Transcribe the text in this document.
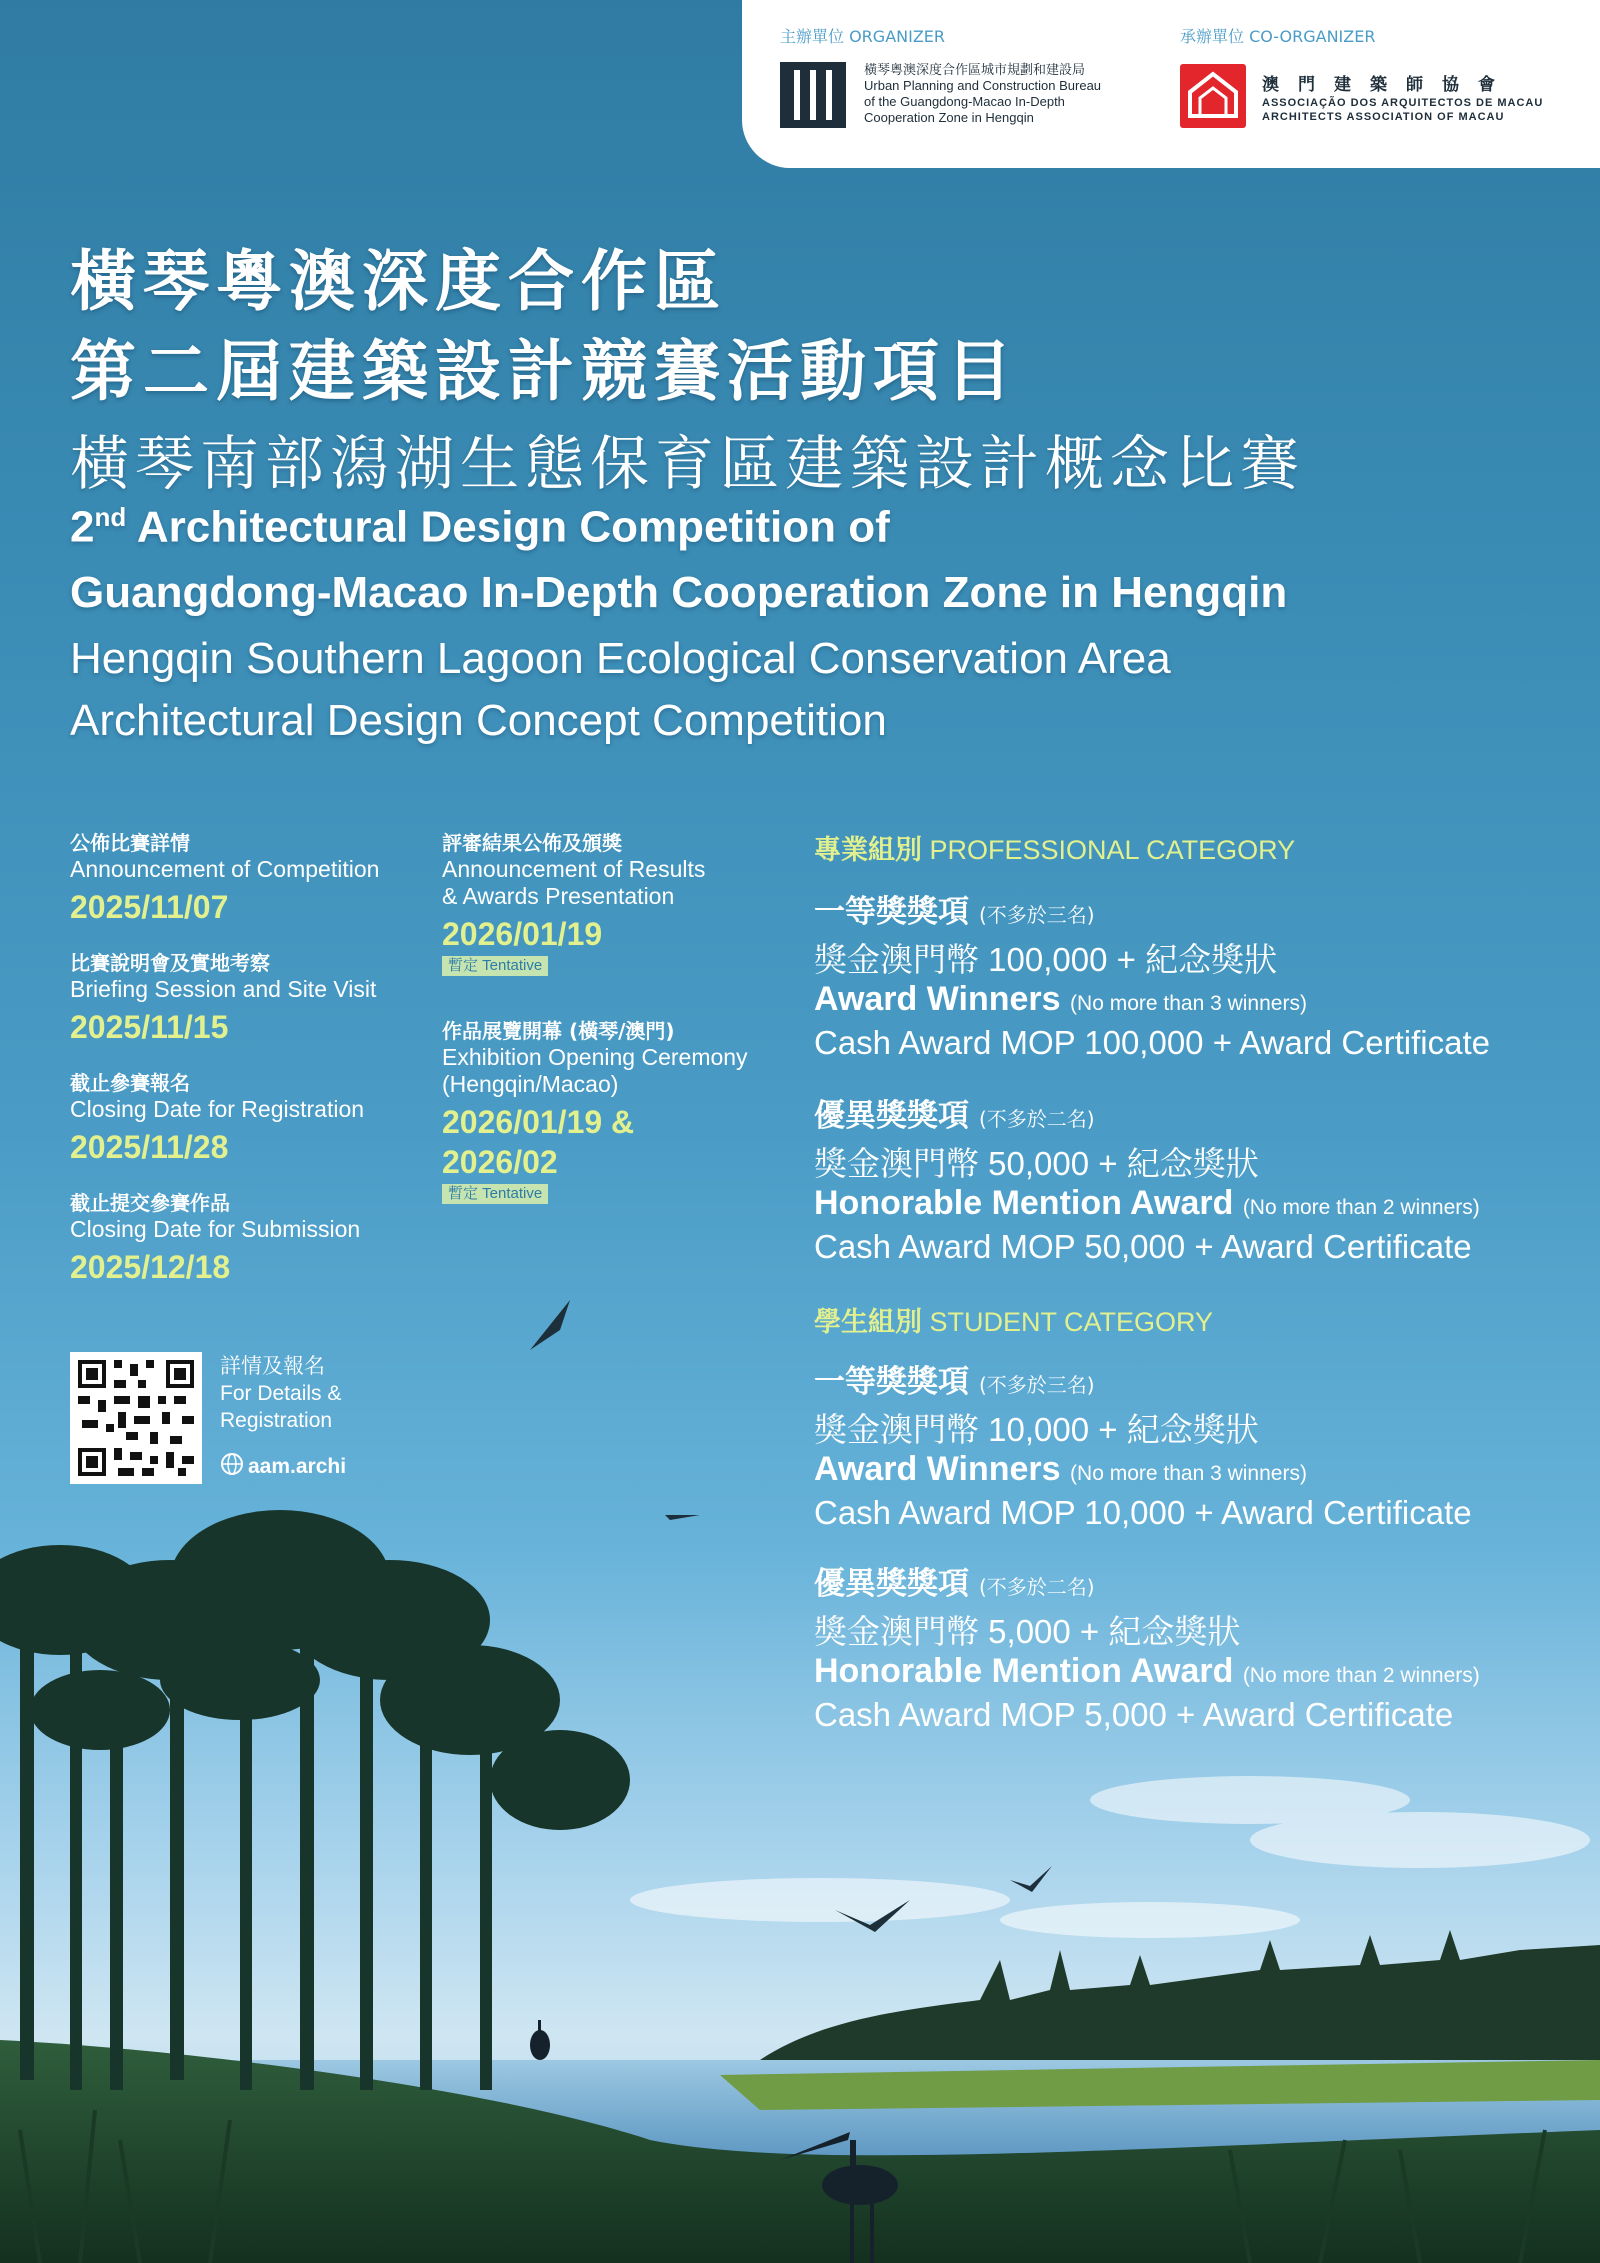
主辦單位 ORGANIZER
橫琴粵澳深度合作區城市規劃和建設局
Urban Planning and Construction Bureau
of the Guangdong-Macao In-Depth
Cooperation Zone in Hengqin
承辦單位 CO-ORGANIZER
澳門建築師協會
ASSOCIAÇÃO DOS ARQUITECTOS DE MACAU
ARCHITECTS ASSOCIATION OF MACAU
橫琴粵澳深度合作區
第二屆建築設計競賽活動項目
橫琴南部潟湖生態保育區建築設計概念比賽
2nd Architectural Design Competition of
Guangdong-Macao In-Depth Cooperation Zone in Hengqin
Hengqin Southern Lagoon Ecological Conservation Area
Architectural Design Concept Competition
公佈比賽詳情
Announcement of Competition
2025/11/07
比賽說明會及實地考察
Briefing Session and Site Visit
2025/11/15
截止參賽報名
Closing Date for Registration
2025/11/28
截止提交參賽作品
Closing Date for Submission
2025/12/18
評審結果公佈及頒獎
Announcement of Results
& Awards Presentation
2026/01/19
暫定 Tentative
作品展覽開幕 (橫琴/澳門)
Exhibition Opening Ceremony
(Hengqin/Macao)
2026/01/19 &
2026/02
暫定 Tentative
專業組別 PROFESSIONAL CATEGORY
一等獎獎項 (不多於三名)
獎金澳門幣 100,000 + 紀念獎狀
Award Winners (No more than 3 winners)
Cash Award MOP 100,000 + Award Certificate
優異獎獎項 (不多於二名)
獎金澳門幣 50,000 + 紀念獎狀
Honorable Mention Award (No more than 2 winners)
Cash Award MOP 50,000 + Award Certificate
學生組別 STUDENT CATEGORY
一等獎獎項 (不多於三名)
獎金澳門幣 10,000 + 紀念獎狀
Award Winners (No more than 3 winners)
Cash Award MOP 10,000 + Award Certificate
優異獎獎項 (不多於二名)
獎金澳門幣 5,000 + 紀念獎狀
Honorable Mention Award (No more than 2 winners)
Cash Award MOP 5,000 + Award Certificate
詳情及報名
For Details &
Registration
aam.archi
